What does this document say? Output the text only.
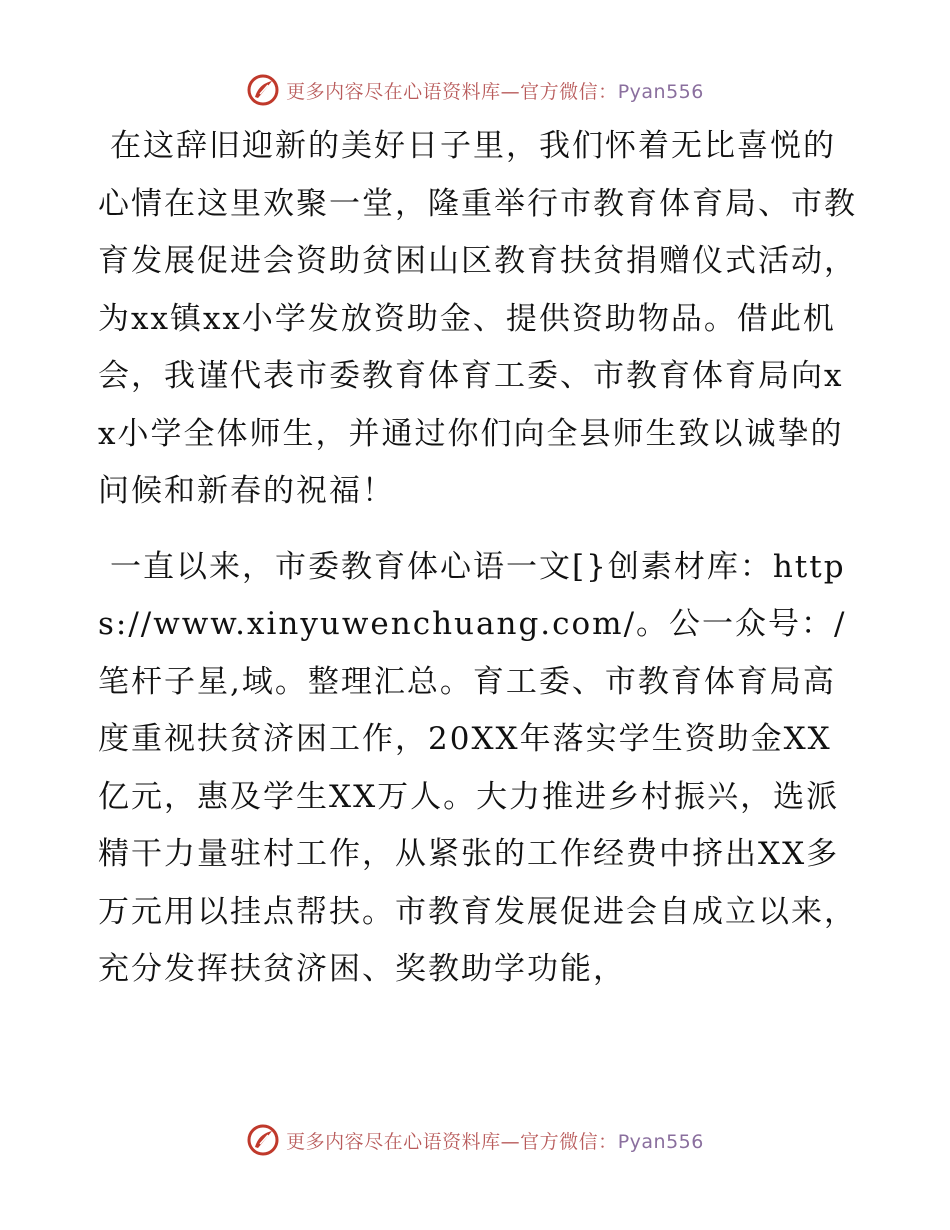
更多内容尽在心语资料库—官方微信：Pyan556

在这辞旧迎新的美好日子里，我们怀着无比喜悦的心情在这里欢聚一堂，隆重举行市教育体育局、市教育发展促进会资助贫困山区教育扶贫捐赠仪式活动，为xx镇xx小学发放资助金、提供资助物品。借此机会，我谨代表市委教育体育工委、市教育体育局向xx小学全体师生，并通过你们向全县师生致以诚挚的问候和新春的祝福！

一直以来，市委教育体心语一文[}创素材库：https://www.xinyuwenchuang.com/。公一众号：/笔杆子星,域。整理汇总。育工委、市教育体育局高度重视扶贫济困工作，20XX年落实学生资助金XX亿元，惠及学生XX万人。大力推进乡村振兴，选派精干力量驻村工作，从紧张的工作经费中挤出XX多万元用以挂点帮扶。市教育发展促进会自成立以来，充分发挥扶贫济困、奖教助学功能，

更多内容尽在心语资料库—官方微信：Pyan556
